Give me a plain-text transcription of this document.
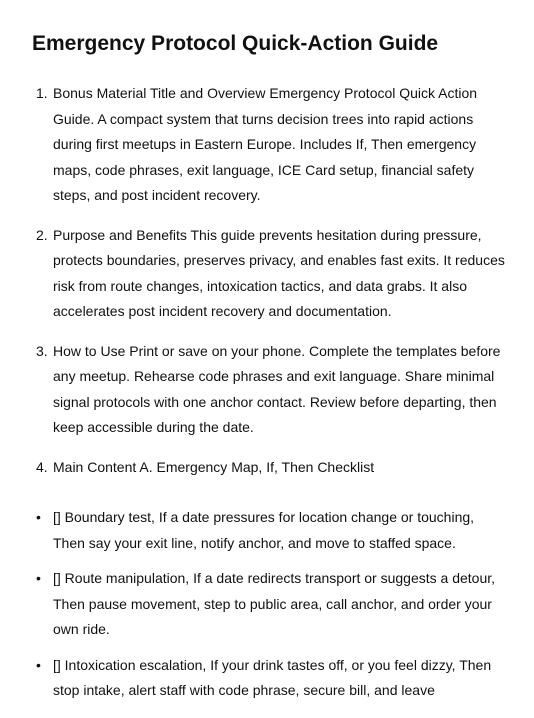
Emergency Protocol Quick-Action Guide
1. Bonus Material Title and Overview Emergency Protocol Quick Action Guide. A compact system that turns decision trees into rapid actions during first meetups in Eastern Europe. Includes If, Then emergency maps, code phrases, exit language, ICE Card setup, financial safety steps, and post incident recovery.
2. Purpose and Benefits This guide prevents hesitation during pressure, protects boundaries, preserves privacy, and enables fast exits. It reduces risk from route changes, intoxication tactics, and data grabs. It also accelerates post incident recovery and documentation.
3. How to Use Print or save on your phone. Complete the templates before any meetup. Rehearse code phrases and exit language. Share minimal signal protocols with one anchor contact. Review before departing, then keep accessible during the date.
4. Main Content A. Emergency Map, If, Then Checklist
• [] Boundary test, If a date pressures for location change or touching, Then say your exit line, notify anchor, and move to staffed space.
• [] Route manipulation, If a date redirects transport or suggests a detour, Then pause movement, step to public area, call anchor, and order your own ride.
• [] Intoxication escalation, If your drink tastes off, or you feel dizzy, Then stop intake, alert staff with code phrase, secure bill, and leave
